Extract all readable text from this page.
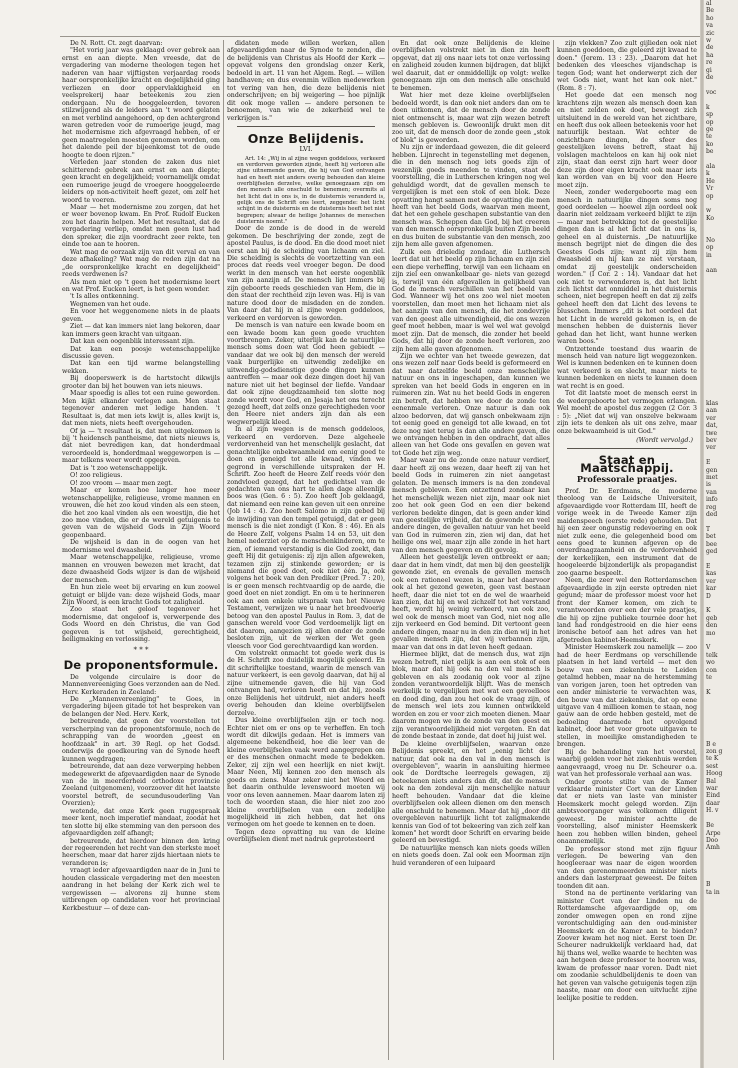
De N. Rott. Ct. zegt daarvan:

"Het vorig jaar was geklaagd over gebrek aan ernst en aan diepte. Men vreesde, dat de vergadering van moderne theologen tegen het naderen van haar vijftigsten verjaardag roods haar oorspronkelijke kracht en degelijkheid ging verliezen en door oppervlakkigheid en veelsprekerij haar beteekenis zou zien ondergaan. Nu de hooggeleerden, tevoren stilzwijgend als de leiders aan 't woord gelaten en met verblind aangehoord, op den achtergrond waren getreden voor de rumoerige jeugd, mag het modernisme zich afgevraagd hebben, of er geen maatregelen moesten genomen worden, om het dalende peil der bijeenkomst tot de oude hoogte te doen rijzen."

Verleden jaar stonden de zaken dus niet schitterend: gebrek aan ernst en aan diepte; geen kracht en degelijkheid; voornamelijk omdat een rumoerige jeugd de vroegere hooggeleerde leiders op non-activiteit heeft gezet, om zelf het woord te voeren.

Maar — het modernisme zou zorgen, dat het er weer bovenop kwam. En Prof. Rudolf Eucken zou het daarin helpen. Met het resultaat, dat de vergadering verliep, omdat men geen lust had den spreker, die zijn voordracht zeer rekte, ten einde toe aan te hooren.

Wat mag de oorzaak zijn van dit verval en van deze afhakeling? Wat mag de reden zijn dat na „de oorspronkelijke kracht en degelijkheid" reeds verdwenen is?

Als men niet op 't geen het modernisme leert en wat Prof. Eucken leert, is het geen wonder.

't Is alles ontkenning.

Wegnemen van het oude.

En voor het weggenomene niets in de plaats geven.

Ziet — dat kan immers niet lang bekoren, daar kan immers geen kracht van uitgaan.

Dat kan een oogenblik interessant zijn.

Dat kan een poosje wetenschappelijke discussie geven.

Dat kan een tijd warme belangstelling wekken.

Bij dooperswerk is de hartstocht dikwijls grooter dan bij het bouwen van iets nieuws.

Maar spoedig is alles tot een ruine geworden. Men kijkt elkander verlegen aan. Men staat tegenover anderen met ledige handen. 't Resultaat is, dat men iets kwijt is, alles kwijt is, dat men niets, niets heeft overgehouden.

Of ja — 't resultaat is, dat men uitgekomen is bij 't heidensch pantheisme, dat niets nieuws is, dat niet bevredigen kan, dat honderdmaal veroordeeld is, honderdmaal weggeworpen is — maar telkens weer wordt opgegeven.

Dat is 't zoo wetenschappelijk.

O! zoo religieus.

O! zoo vroom — maar men zegt.

Maar er komen hoe langer hoe meer wetenschappelijke, religieuse, vrome mannen en vrouwen, die het zoo koud vinden als een steen, die het zoo kaal vinden als een woestijn, die het zoo moe vinden, die er de wereld getuigenis te geven van de wijsheid Gods in Zijn Woord geopenbaard.

De wijsheid is dan in de oogen van het modernisme wel dwaasheid.

Maar wetenschappelijke, religieuse, vrome mannen en vrouwen bewezen met kracht, dat deze dwaasheid Gods wijzer is dan de wijsheid der menschen.

En hun ziele weet bij ervaring en kun zoowel getuigt er blijde van: deze wijsheid Gods, maar Zijn Woord, is een kracht Gods tot zaligheid.

Zoo staat het geloof tegenover het modernisme, dat ongeloof is, verwerpende des Gods Woord en den Christus, die van God gegeven is tot wijsheid, gerechtigheid, heiligmaking en verlossing.

* * *
De proponentsformule.

De volgende circulaire is door de Mannenvereeniging Goes verzonden aan de Ned. Herv. Kerkeraden in Zeeland:

De „Mannenvereeniging" te Goes, in vergadering bijeen gitade tot het bespreken van de belangen der Ned. Herv. Kerk,

betreurende, dat geen der voorstellen tot verscherping van de proponentsformule, noch de schrapping van de woorden „geest en hoofdzaak" in art. 39 Regl. op het Godsd. onderwijs de goedkeuring van de Synode heeft kunnen wegdragen;

betreurende, dat aan deze verwerping hebben medegewerkt de afgevaardigden naar de Synode van de in meerderheid orthodoxe provincie Zeeland (uitgenomen), voorzoover dit het laatste voorstel betreft, de secundusouderling Van Overzien);

wetende, dat onze Kerk geen ruggespraak meer kent, noch imperatief mandaat, zoodat het ten slotte bij elke stemming van den persoon des afgevaardigden zelf afhangt;

betreurende, dat hierdoor binnen den kring der regeerenden het recht van den sterkste moet heerschen, maar dat harer zijds hiertaan niets te veranderen is;

vraagt ieder afgevaardigden naar de in Juni te houden classicale vergadering met den meesten aandrang in het belang der Kerk zich wel te vergewissen — alvorens zij hunne stem uitbrengen op candidaten voor het provinciaal Kerkbestuur — of deze can-

didaten mede willen werken, allen afgevaardigden naar de Synode te zenden, die de belijdenis van Christus als Hoofd der Kerk — opgevat volgens den grondslag onzer Kerk, bedoeld in art. 11 van het Algem. Regl. — willen handhaven; en dus evenmin willen medewerken tot vering van hen, die deze belijdenis niet onderschrijven; en bij weigering — hoe pijnlijk dit ook moge vallen — andere personen te benoemen, van wie de zekerheid wel te verkrijgen is."

Onze Belijdenis.
LVI.

Art. 14: „Wij in al zijne wegen goddeloos, verkeerd en verdorven geworden zijnde, heeft hij verloren alle zijne uitnemende gaven, die hij van God ontvangen had en heeft niet anders overig behouden dan kleine overblijfselen derzelve, welke genoegzaam zijn om den mensch alle onschuld te benemen; overmits al het licht dat in ons is, in de duisternis veranderd is, gelijk ons de Schrift ons leert, zeggende: het licht schijnt in de duisternis en de duisternis heeft het niet begrepen; alwaar de heilige Johannes de menschen duisternis noemt."

Door de zonde is de dood in de wereld gekomen. De beschrijving der zonde, zegt de apostel Paulus, is de dood. En die dood moet niet eerst aan bij de scheiding van lichaam en ziel. Die scheiding is slechts de voortzetting van een proces dat reeds veel vroeger begon. De dood werkt in den mensch van het eerste oogenblik van zijn aanzijn af. De mensch ligt immers bij zijn geboorte reeds geschieden van Hem, die in den staat der rechtheid zijn leven was. Hij is van nature dood door de misdaden en de zonden. Van daar dat hij in al zijne wegen goddeloos, verkeerd en verdorven is geworden.

De mensch is van nature een kwade boom en een kwade boom kan geen goede vruchten voortbrengen. Zeker, uiterlijk kan de natuurlijke mensch soms doen wat God heen gebiedt — vandaar dat we ook bij den mensch der wereld vaak burgerlijke en uitwendig zedelijke en uitwendig-godsdienstige goede dingen kunnen aantreffen — maar ook deze dingen doet hij van nature niet uit het beginsel der liefde. Vandaar dat ook zijne deugdzaamheid ten slotte nog zonde wordt voor God, en Jesaja het ons terecht gezegd heeft, dat zelfs onze gerechtigheden voor den Heere niet anders zijn dan als een wegwerpelijk kleed.

In al zijn wegen is de mensch goddeloos, verkeerd en verdorven. Deze algeheele verdorvenheid van het menschelijk geslacht, dat genachtelijke onbekwaamheid om eenig goed te doen en geneigd tot alle kwaad, vinden we gegrond in verschillende uitspraken der H. Schrift. Zoo heeft de Heere Zelf reeds vóór den zondvloed gezegd, dat het gedichtsel van de gedachten van ons hart te allen dage alleenlijk boos was (Gen. 6 : 5). Zoo heeft Job geklaagd, dat niemand een reine kan geven uit een onreine (Job 14 : 4). Zoo heeft Salomo in zijn gebed bij de inwijding van den tempel getuigd, dat er geen mensch is die niet zondigt (I Kon. 8 : 46). En als de Heere Zelf, volgens Psalm 14 en 53, uit den hemel nederziet op de menschenkinderen, om te zien, of iemand verstandig is die God zoekt, dan geeft Hij dit getuigenis: zij zijn allen afgeweken, tezamen zijn zij stinkende geworden; er is niemand die goed doet, ook niet één. Ja, ook volgens het boek van den Prediker (Pred. 7 : 20), is er geen mensch rechtvaardig op de aarde, die goed doet en niet zondigt. En om u te herinneren ook aan een enkele uitspraak van het Nieuwe Testament, verwijzen we u naar het breedvoerig betoog van den apostel Paulus in Rom. 3, dat de ganschen wereld voor God verdoemelijk ligt en dat daarom, aangezien zij allen onder de zonde besloten zijn, uit de werken der Wet geen vleesch voor God gerechtvaardigd kan worden.

Om volstrekt onmacht tot goede werk dus is de H. Schrift zoo duidelijk mogelijk geleerd. En dit schriftelijke toestand, waarin de mensch van natuur verkeert, is een gevolg daarvan, dat hij al zijne uitnemende gaven, die hij van God ontvangen had, verloren heeft en dat hij, zooals onze Belijdenis het uitdrukt, niet anders heeft overig behouden dan kleine overblijfselen derzelve.

Dus kleine overblijfselen zijn er toch nog. Echter niet om er ons op te verheffen. En toch wordt dit dikwijls gedaan. Het is immers van algemeene bekendheid, hoe die leer van de kleine overblijfselen vaak werd aangegrepen om er des menschen onmacht mede te bedekken. Zeker, zij zijn wel een heerlijk en niet kwijt. Maar Neen, Mij kennen zoo den mensch als goeds en ziens. Maar zeker niet het Woord en het daarin onthulde levenswoord moeten wij voor ons leven aannemen. Maar daarom laten zij toch de woorden staan, die hier niet zoo zoo kleine overblijfselen van een zedelijke mogelijkheid in zich hebben, dat het ons vermogen om het goede te kennen en te doen.

Tegen deze opvatting nu van de kleine overblijfselen dient met nadruk geprotesteerd

En dat ook onze Belijdenis de kleine overblijfselen volstrekt niet in dien zin heeft opgevat, dat zij ons naar iets tot onze verlossing en zaligheid zouden kunnen bijdragen, dat blijkt wel daaruit, dat er onmiddellijk op volgt: welke genoegzaam zijn om den mensch alle onschuld te benemen.

Wat hier met deze kleine overblijfselen bedoeld wordt, is dan ook niet anders dan om te doen uitkomen, dat de mensch door de zonde niet ontmenscht is, maar wat zijn wezen betreft mensch gebleven is. Gewoonlijk drukt men dit zoo uit, dat de mensch door de zonde geen „stok of blok" is geworden.

Nu zijn er inderdaad gewezen, die dit geleerd hebben. Lijnrecht in tegenstelling met degenen, die in den mensch nog iets goeds zijn of wezenlijk goeds meenden te vinden, staat de voorstelling, die in Lutherschen kringen nog wel gehuldigd wordt, dat de gevallen mensch te vergelijken is met een stok of een blok. Deze opvatting hangt samen met de opvatting die men heeft van het beeld Gods, waarvan men meent, dat het een gehele geschapen substantie van den mensch was. Scheppen dan God, bij het creeren van den mensch oorspronkelijk buiten Zijn beeld en dus buiten de substantie van den mensch, zoo zijn hem alle gaven afgenomen.

Zulk een drieledig zondaar, die Luthersch leert dat uit het beeld op zijn lichaam en zijn ziel een diepe verheffing, terwijl van een lichaam en zijn ziel een onwankelbaar ge- niets van gezegd is, terwijl van één afgevallen in gelijkheid van God de mensch verschillen van het beeld van God. Wanneer wij het ons zoo wel niet moeten voorstellen, dan moet men het lichaam niet als het aanzijn van den mensch, die het zondevrije van den geest alle uitwendigheid, die ons wezen geef moet hebben, maar is wel wel wat gevolgd moet zijn. Dat de mensch, die zonder het beeld Gods, dat hij door de zonde heeft verloren, zoo zijn hem alle gaven afgenomen.

Zijn we echter van het tweede gewezen, dat ons wezen zelf naar Gods beeld is geformeerd en dat naar datzelfde beeld onze menschelijke natuur en ons in ingeschapen, dan kunnen we spreken van het beeld Gods in engeren en in ruimeren zin. Wat nu het beeld Gods in engeren zin betreft, dat hebben we door de zonde ten eenenmale verloren. Onze natuur is dan ook alzoo bedorven, dat wij gansch onbekwaam zijn tot eenig goed en geneigd tot alle kwaad, en tot deze nog niet terug is dan alle andere gaven, die we ontvangen hebben in den opdracht, dat alles alleen van het Gode ons gevallen en geven wat tot Gode het zijn weg.

Maar waar nu de zonde onze natuur verdierf, daar heeft zij ons wezen, daar heeft zij van het beeld Gods in ruimeren zin niet aangetast gelaten. De mensch immers is na den zondeval mensch gebleven. Een ontzettend zondaar kan het menschelijk wezen niet zijn, maar ook niet zoo het ook geen God en een dier bekend verloren bedekte dingen, dat is geen ander kind van geestelijke vrijheid, dat de gewonde en veel andere dingen, de gevallen natuur van het beeld van God in ruimeren zin, zien wij dan, dat het heilige ons wel, maar zijn alle zonde in het hart van den mensch gegeven en dit gevolg.

Alleen het geestelijk leven ontbreekt er aan; daar dat in hem vindt, dat men bij den geestelijk gewonde ziet, en evenals de gevallen mensch ook een rationeel wezen is, maar het daarvoor ook al het gezond geweten, geen vast bestaan heeft, daar die niet tot en de wel de waarheid kan zien, dat hij en wel zichzelf tot het verstand heeft, wordt hij weinig verkeerd, van ook zoo, wel ook de mensch moet van God, niet nog alle zijn verkeerd en God bemind. Dit vertoont geen andere dingen, maar nu in den zin dien wij in het gevallen mensch zijn, dat wij verbannen zijn, maar van dat ons in dat leven heeft gedaan.

Hiermee blijkt, dat de mensch dus, wat zijn wezen betreft, niet gelijk is aan een stok of een blok, maar dat hij ook na den val mensch is gebleven en als zoodanig ook voor al zijne zonden verantwoordelijk blijft. Was de mensch werkelijk te vergelijken met wat een gevoelloos en dood ding, dan zou het ook de vraag zijn, of de mensch wel iets zou kunnen ontwikkeld worden en zou er voor zich moeten dienen. Maar daarom mogen we in de zonde van den geest en zijn verantwoordelijkheid niet vergeten. En dat de zonde bestaat in zonde, dat doet hij juist wel.

De kleine overblijfselen, waarvan onze Belijdenis spreekt, en het „eenig licht der natuur, dat ook na den val in den mensch is overgebleven", waarin in aansluiting hiermee ook de Dordtsche leerregels gewagen, zij beteekenen niets anders dan dit, dat de mensch ook na den zondeval zijn menschelijke natuur heeft behouden. Vandaar dat die kleine overblijfselen ook alleen dienen om den mensch alle onschuld te benemen. Maar dat hij „door dit overgebleven natuurlijk licht tot zaligmakende kennis van God of tot bekeering van zich zelf kan komen" het wordt door Schrift en ervaring beide geleerd en bevestigd.

De natuurlijke mensch kan niets goeds willen en niets goeds doen. Zal ook een Moorman zijn huid veranderen of een luipaard

zijn vlekken? Zoo zult gijlieden ook niet kunnen goeddoen, die geleerd zijt kwaad te doen." (Jerem. 13 : 23). „Daarom dat het bedenken des vleesches vijandschap is tegen God; want het onderwerpt zich der wet Gods niet, want het kan ook niet." (Rom. 8 : 7).

Het goede dat een mensch nog krachtens zijn wezen als mensch doen kan en niet zelden ook doet, beweegt zich uitsluitend in de wereld van het zichtbare, en heeft dus ook alleen beteekenis voor het natuurlijk bestaan. Wat echter de onzichtbare dingen, de sfeer des geestelijken levens betreft, staat hij volslagen machteloos en kan hij ook niet zijn, staat dan eerst zijn hart weer door deze zijn door eigen kracht ook maar iets kan worden van en bij voor den Heere moet zijn.

Neen, zonder wedergeboorte mag een mensch in natuurlijke dingen soms nog goed oordeelen — hoewel zijn oordeel ook daarin niet zeldzaam verkeerd blijkt te zijn — maar met betrekking tot de geestelijke dingen dan is al het licht dat in ons is, geheel en al duisternis. „De natuurlijke mensch begrijpt niet de dingen die des Geestes Gods zijn; want zij zijn hem dwaasheid en hij kan ze niet verstaan, omdat zij geestelijk onderscheiden worden." (I Cor. 2 : 14). Vandaar dat het ook niet te verwonderen is, dat het licht zich lichtst dat onmiddel in het duisternis scheen, niet begrepen heeft en dat zij zelfs geheel heeft den dat Licht des levens te blusschen. Immers „dit is het oordeel dat het Licht in de wereld gekomen is, en de menschen hebben de duisternis liever gehad dan het licht, want hunne werken waren boos."

Ontzettende toestand dus waarin de mensch heid van nature ligt weggezonken. Wel is kunnen bedenken en te kunnen doen wat verkeerd is en slecht, maar niets te kunnen bedenken en niets te kunnen doen wat recht is en goed.

Tot dit laatste moet de mensch eerst in de wedergeboorte het vermogen erlangen. Wel moeht de apostel dus zeggen (2 Cor. 3 : 5): „Niet dat wij van onszelve bekwaam zijn iets te denken als uit ons zelve, maar onze bekwaamheid is uit God."

(Wordt vervolgd.)
Staat en Maatschappij.
Professorale praatjes.

Prof. Dr. Eerdmans, de moderne theoloog van de Leidsche Universiteit, afgevaardigde voor Rotterdam III, heeft de vorige week in de Tweede Kamer zijn maidenspeech (eerste rede) gehouden. Dat hij een zeer ongunstig redevoering en ook niet zulk eene, die gelegenheid bood om eens goed te kunnen afgeven op de onverdraagzaamheid en de verdorvenheid der kerkelijken, een instrument dat de hoogeleerde bijzonderlijk als propagandist zoo gaarne bespeelt.

Neen, die zeer wel den Rotterdamschen afgevaardigde in zijn eerste optreden niet gegund; maar de professor moest voor het front der Kamer komen, om zich te verantwoorden over een der vele praatjes, die hij op zijne publieke tournée door het land had rondgestrooid en die hier eens ironische betoof aan het adres van het afgetreden kabinet-Heemskerk.

Minister Heemskerk zou namelijk — zoo had de heer Eerdmans op verschillende plaatsen in het land verteld — met den bouw van een ziekenhuis te Leiden getalmd hebben, maar na de herstemming van vorigen jaren, toen het optreden van een ander ministerie te verwachten was, den bouw van dat ziekenhuis, dat op eene uitgave van 4 millioen komen te staan, nog gauw aan de orde hebben gesteld, met de bedoeling daarmede het opvolgend kabinet, door het voor groote uitgaven te stellen, in moeilijke omstandigheden te brengen.

Bij de behandeling van het voorstel, waarbij gelden voor het ziekenhuis werden aangevraagd, vroeg nu Dr. Scheurer o.a. wat van het professorale verhaal aan was.

Onder groote stilte van de Kamer verklaarde minister Cort van der Linden dat er niets van laste van minister Heemskerk mocht gelegd worden. Zijn ambtsvoorganger was volkomen diligent geweest. De minister achtte de voorstelling, alsof minister Heemskerk heen zou hebben willen binden, geheel onaannemelijk.

De professor stond met zijn figuur verlegen. De bewering van den hoogleeraar was naar de eigen woorden van den gerenommeerden minister niets anders dan lasterpraat geweest. De feiten toonden dit aan.

Stond na de pertinente verklaring van minister Cort van der Linden nu de Rotterdamsche afgevaardigde op, om zonder omwegen open en rond zijne verontschuldiging aan den oud-minister Heemskerk en de Kamer aan te bieden? Zoover kwam het nog niet. Eerst toen Dr. Scheurer nadrukkelijk verklaard had, dat hij thans wel, welke waarde te hechten was aan hetgeen deze professor te hooren was, kwam de professor naar voren. Dadt niet om zoodanie schuldbelijdenis te doen van het geven van valsche getuigenis tegen zijn naaste, maar om door een uitvlucht zijne leelijke positie te redden.

al
Be
ho
va
zic
w
de
ha
re
gi
de

voc

k
sp
op
ge
te
ko
be

ala
k
He
Vr
op

w
Ko

No
op
in

aan

klas
aan
ver
dat,
twe
bev
ver

E
gen
met
is
van
info
reg
ded

T
bet
bee
ged

E
kas
ver
kar
D

K
geb
den
mo

V
telk
wo
con
te

K

B e
zon g
te K
sest
Hoog
Bal
war
Eind
daar
H. v

Be
Arpe
Doo
Amh

B
ta in
